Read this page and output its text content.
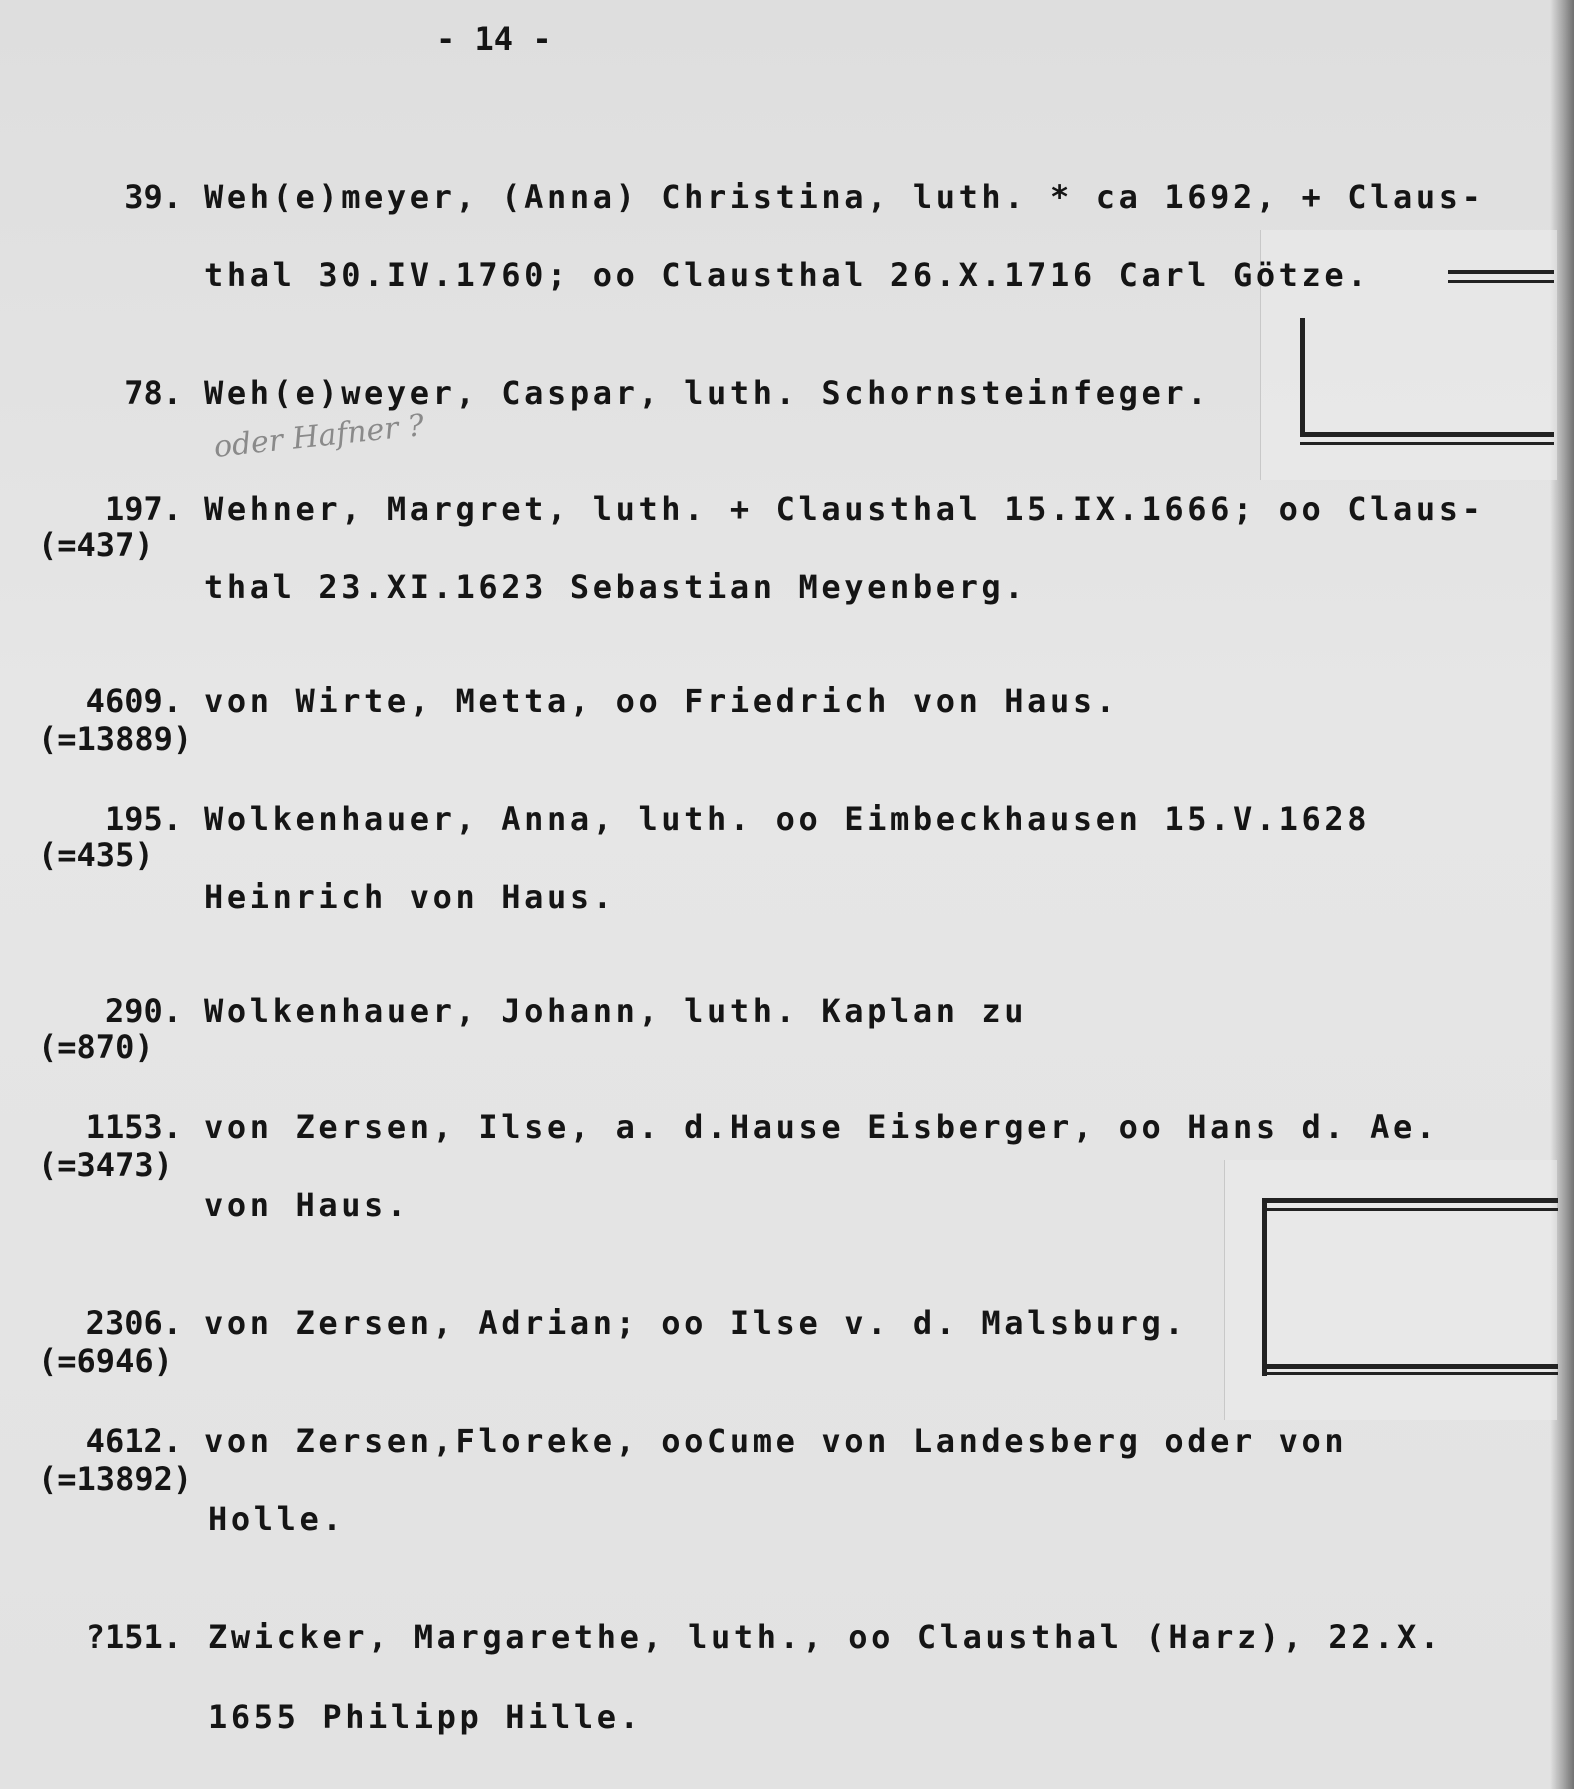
- 14 -
oder Hafner ?
39. Weh(e)meyer, (Anna) Christina, luth. * ca 1692, + Claus-
thal 30.IV.1760; oo Clausthal 26.X.1716 Carl Götze.
78. Weh(e)weyer, Caspar, luth. Schornsteinfeger.
197.
(=437)
Wehner, Margret, luth. + Clausthal 15.IX.1666; oo Claus-
thal 23.XI.1623 Sebastian Meyenberg.
4609.
(=13889)
von Wirte, Metta, oo Friedrich von Haus.
195.
(=435)
Wolkenhauer, Anna, luth. oo Eimbeckhausen 15.V.1628
Heinrich von Haus.
290.
(=870)
Wolkenhauer, Johann, luth. Kaplan zu
1153.
(=3473)
von Zersen, Ilse, a. d.Hause Eisberger, oo Hans d. Ae.
von Haus.
2306.
(=6946)
von Zersen, Adrian; oo Ilse v. d. Malsburg.
4612.
(=13892)
von Zersen,Floreke, ooCume von Landesberg oder von
Holle.
?151. Zwicker, Margarethe, luth., oo Clausthal (Harz), 22.X.
1655 Philipp Hille.
